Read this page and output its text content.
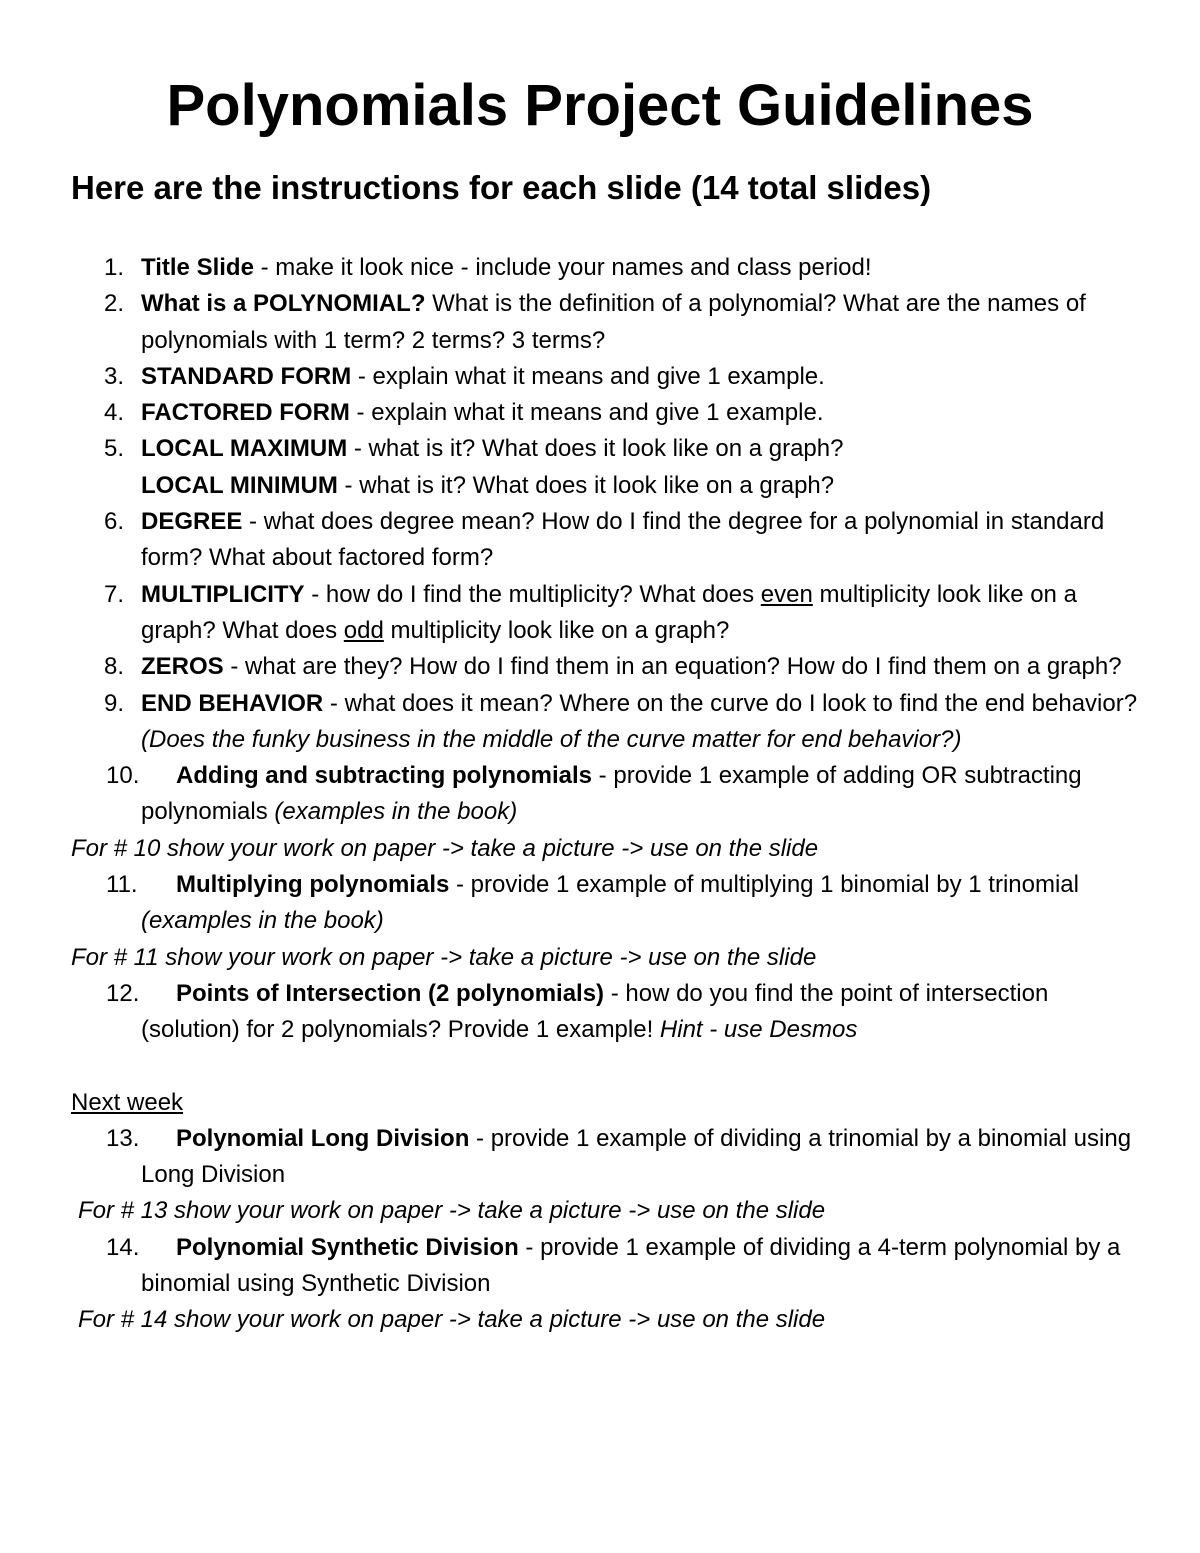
Polynomials Project Guidelines
Here are the instructions for each slide (14 total slides)
1. Title Slide - make it look nice - include your names and class period!
2. What is a POLYNOMIAL? What is the definition of a polynomial? What are the names of polynomials with 1 term? 2 terms? 3 terms?
3. STANDARD FORM - explain what it means and give 1 example.
4. FACTORED FORM - explain what it means and give 1 example.
5. LOCAL MAXIMUM - what is it? What does it look like on a graph?
LOCAL MINIMUM - what is it? What does it look like on a graph?
6. DEGREE - what does degree mean? How do I find the degree for a polynomial in standard form? What about factored form?
7. MULTIPLICITY - how do I find the multiplicity? What does even multiplicity look like on a graph? What does odd multiplicity look like on a graph?
8. ZEROS - what are they? How do I find them in an equation? How do I find them on a graph?
9. END BEHAVIOR - what does it mean? Where on the curve do I look to find the end behavior? (Does the funky business in the middle of the curve matter for end behavior?)
10.	Adding and subtracting polynomials - provide 1 example of adding OR subtracting polynomials (examples in the book)
For # 10 show your work on paper -> take a picture -> use on the slide
11.	Multiplying polynomials - provide 1 example of multiplying 1 binomial by 1 trinomial (examples in the book)
For # 11 show your work on paper -> take a picture -> use on the slide
12.	Points of Intersection (2 polynomials) - how do you find the point of intersection (solution) for 2 polynomials? Provide 1 example! Hint - use Desmos
Next week
13.	Polynomial Long Division - provide 1 example of dividing a trinomial by a binomial using Long Division
For # 13 show your work on paper -> take a picture -> use on the slide
14.	Polynomial Synthetic Division - provide 1 example of dividing a 4-term polynomial by a binomial using Synthetic Division
For # 14 show your work on paper -> take a picture -> use on the slide
